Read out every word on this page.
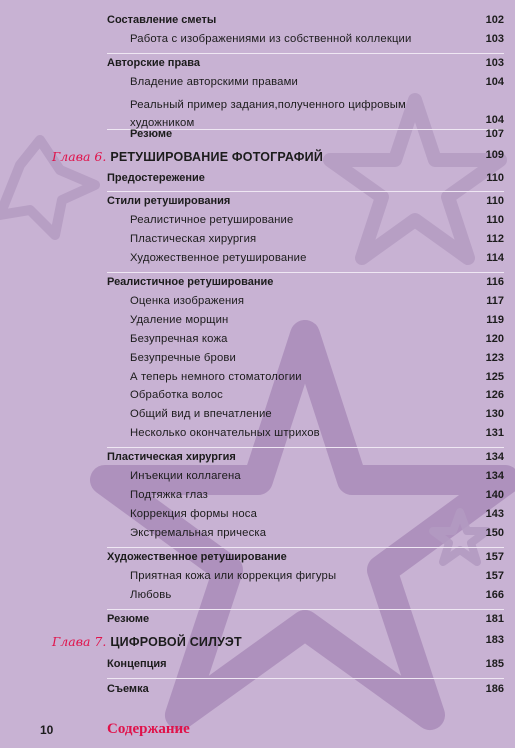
Составление сметы	102
Работа с изображениями из собственной коллекции	103
Авторские права	103
Владение авторскими правами	104
Реальный пример задания,полученного цифровым
художником	104
Резюме	107
Глава 6. РЕТУШИРОВАНИЕ ФОТОГРАФИЙ	109
Предостережение	110
Стили ретуширования	110
Реалистичное ретуширование	110
Пластическая хирургия	112
Художественное ретуширование	114
Реалистичное ретуширование	116
Оценка изображения	117
Удаление морщин	119
Безупречная кожа	120
Безупречные брови	123
А теперь немного стоматологии	125
Обработка волос	126
Общий вид и впечатление	130
Несколько окончательных штрихов	131
Пластическая хирургия	134
Инъекции коллагена	134
Подтяжка глаз	140
Коррекция формы носа	143
Экстремальная прическа	150
Художественное ретуширование	157
Приятная кожа или коррекция фигуры	157
Любовь	166
Резюме	181
Глава 7. ЦИФРОВОЙ СИЛУЭТ	183
Концепция	185
Съемка	186
10	Содержание
